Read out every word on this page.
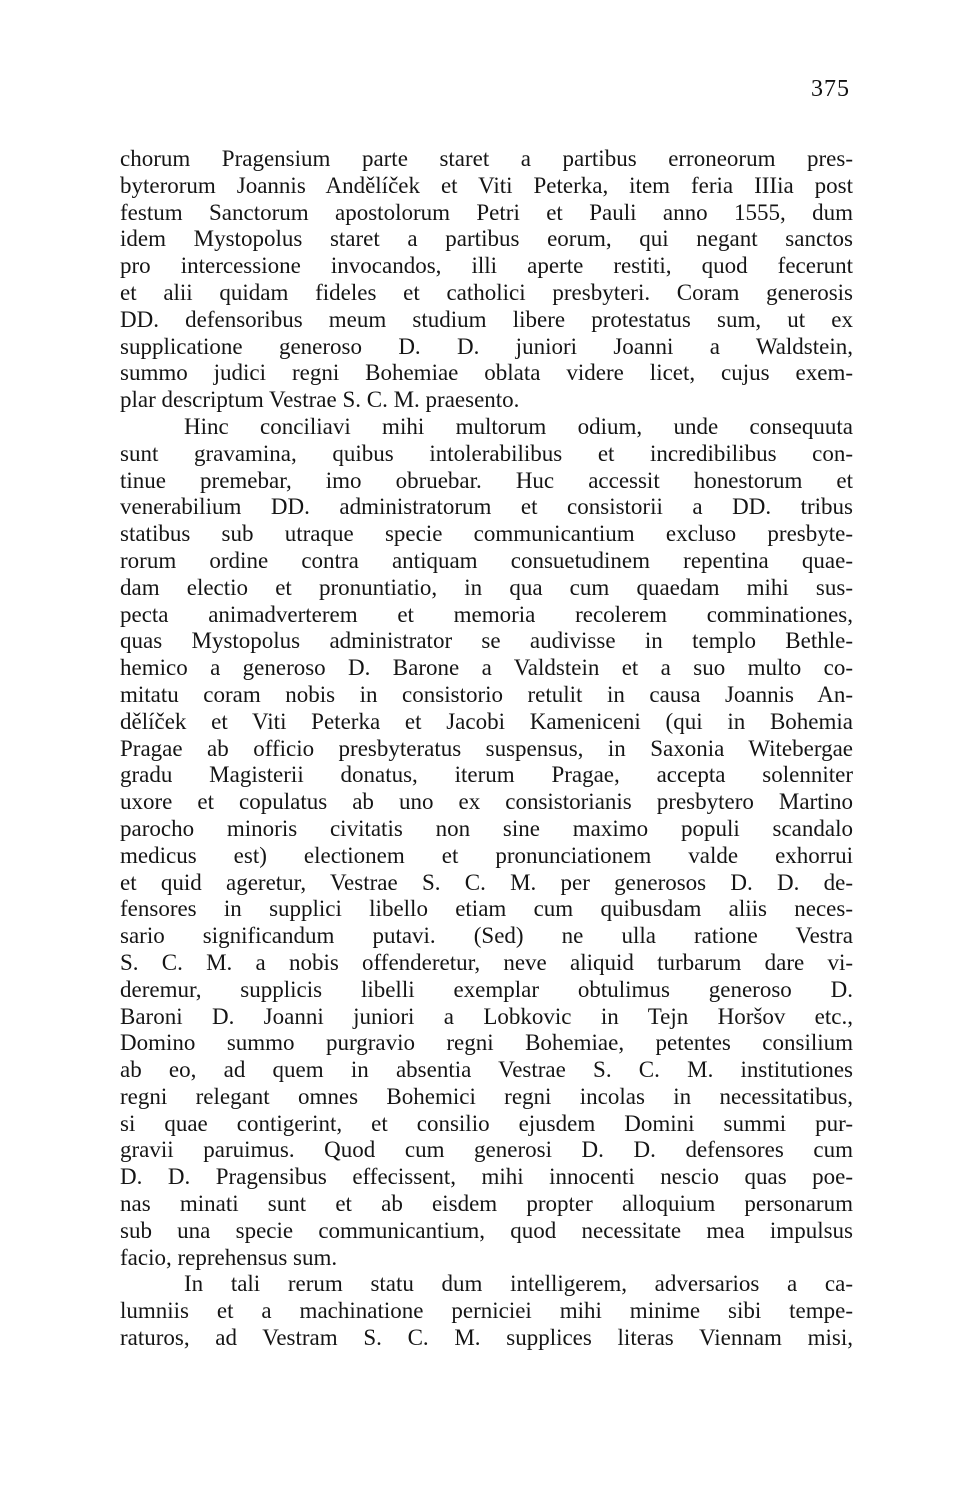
375
chorum Pragensium parte staret a partibus erroneorum pres-
byterorum Joannis Andělíček et Viti Peterka, item feria IIIia post
festum Sanctorum apostolorum Petri et Pauli anno 1555, dum
idem Mystopolus staret a partibus eorum, qui negant sanctos
pro intercessione invocandos, illi aperte restiti, quod fecerunt
et alii quidam fideles et catholici presbyteri. Coram generosis
DD. defensoribus meum studium libere protestatus sum, ut ex
supplicatione generoso D. D. juniori Joanni a Waldstein,
summo judici regni Bohemiae oblata videre licet, cujus exem-
plar descriptum Vestrae S. C. M. praesento.
Hinc conciliavi mihi multorum odium, unde consequuta
sunt gravamina, quibus intolerabilibus et incredibilibus con-
tinue premebar, imo obruebar. Huc accessit honestorum et
venerabilium DD. administratorum et consistorii a DD. tribus
statibus sub utraque specie communicantium excluso presbyte-
rorum ordine contra antiquam consuetudinem repentina quae-
dam electio et pronuntiatio, in qua cum quaedam mihi sus-
pecta animadverterem et memoria recolerem comminationes,
quas Mystopolus administrator se audivisse in templo Bethle-
hemico a generoso D. Barone a Valdstein et a suo multo co-
mitatu coram nobis in consistorio retulit in causa Joannis An-
dělíček et Viti Peterka et Jacobi Kameniceni (qui in Bohemia
Pragae ab officio presbyteratus suspensus, in Saxonia Witebergae
gradu Magisterii donatus, iterum Pragae, accepta solenniter
uxore et copulatus ab uno ex consistorianis presbytero Martino
parocho minoris civitatis non sine maximo populi scandalo
medicus est) electionem et pronunciationem valde exhorrui
et quid ageretur, Vestrae S. C. M. per generosos D. D. de-
fensores in supplici libello etiam cum quibusdam aliis neces-
sario significandum putavi. (Sed) ne ulla ratione Vestra
S. C. M. a nobis offenderetur, neve aliquid turbarum dare vi-
deremur, supplicis libelli exemplar obtulimus generoso D.
Baroni D. Joanni juniori a Lobkovic in Tejn Horšov etc.,
Domino summo purgravio regni Bohemiae, petentes consilium
ab eo, ad quem in absentia Vestrae S. C. M. institutiones
regni relegant omnes Bohemici regni incolas in necessitatibus,
si quae contigerint, et consilio ejusdem Domini summi pur-
gravii paruimus. Quod cum generosi D. D. defensores cum
D. D. Pragensibus effecissent, mihi innocenti nescio quas poe-
nas minati sunt et ab eisdem propter alloquium personarum
sub una specie communicantium, quod necessitate mea impulsus
facio, reprehensus sum.
In tali rerum statu dum intelligerem, adversarios a ca-
lumniis et a machinatione perniciei mihi minime sibi tempe-
raturos, ad Vestram S. C. M. supplices literas Viennam misi,
